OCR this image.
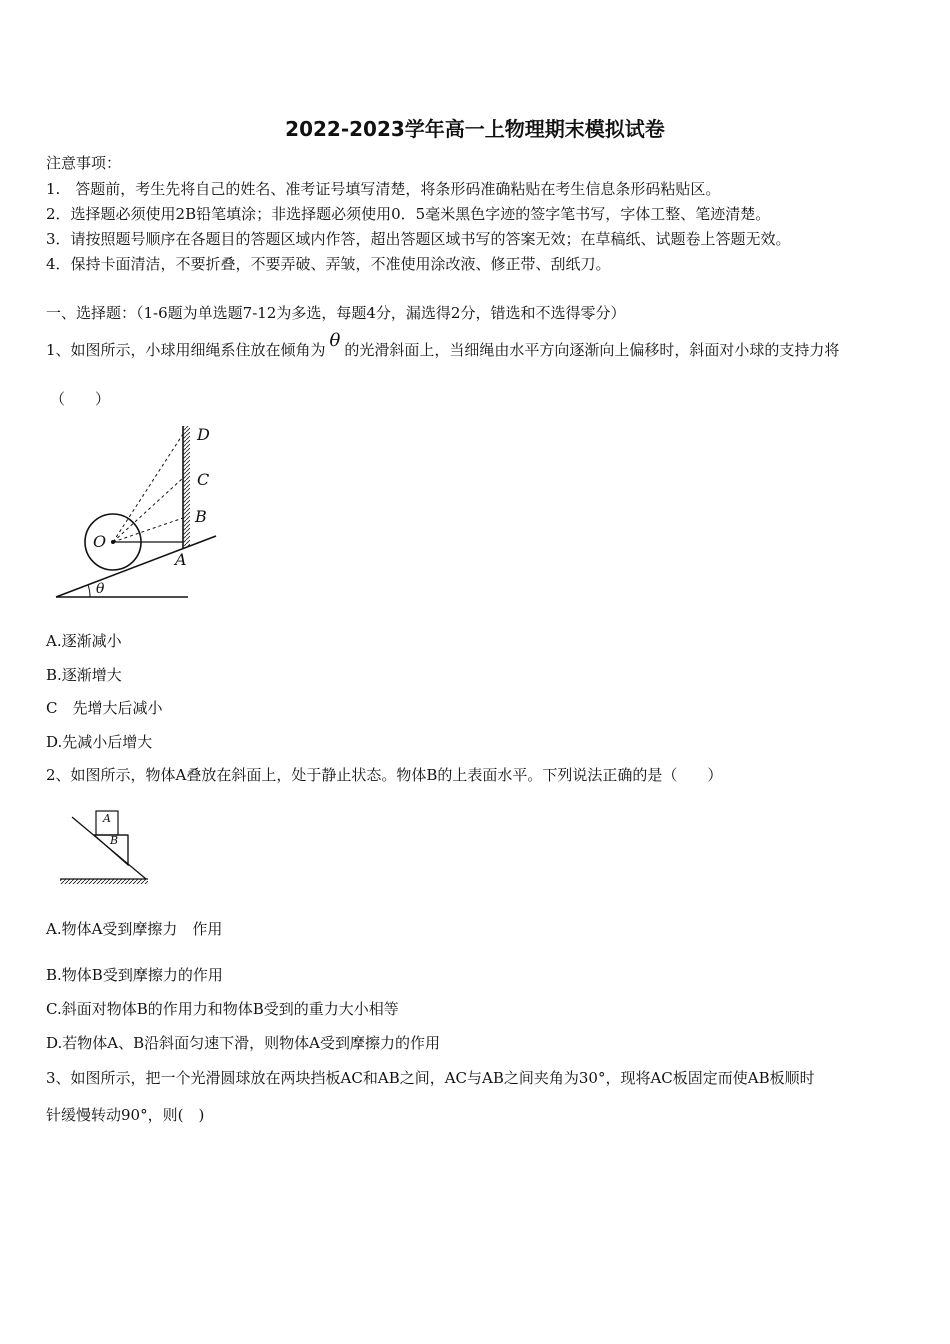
2022-2023学年高一上物理期末模拟试卷
注意事项：
1.　答题前，考生先将自己的姓名、准考证号填写清楚，将条形码准确粘贴在考生信息条形码粘贴区。
2．选择题必须使用2B铅笔填涂；非选择题必须使用0．5毫米黑色字迹的签字笔书写，字体工整、笔迹清楚。
3．请按照题号顺序在各题目的答题区域内作答，超出答题区域书写的答案无效；在草稿纸、试题卷上答题无效。
4．保持卡面清洁，不要折叠，不要弄破、弄皱，不准使用涂改液、修正带、刮纸刀。
一、选择题：（1-6题为单选题7-12为多选，每题4分，漏选得2分，错选和不选得零分）
1、如图所示，小球用细绳系住放在倾角为 θ 的光滑斜面上，当细绳由水平方向逐渐向上偏移时，斜面对小球的支持力将
（　　）
D
C
B
O
A
θ
A.逐渐减小
B.逐渐增大
C　先增大后减小
D.先减小后增大
2、如图所示，物体A叠放在斜面上，处于静止状态。物体B的上表面水平。下列说法正确的是（　　）
A
B
A.物体A受到摩擦力　作用
B.物体B受到摩擦力的作用
C.斜面对物体B的作用力和物体B受到的重力大小相等
D.若物体A、B沿斜面匀速下滑，则物体A受到摩擦力的作用
3、如图所示，把一个光滑圆球放在两块挡板AC和AB之间，AC与AB之间夹角为30°，现将AC板固定而使AB板顺时
针缓慢转动90°，则(　)
